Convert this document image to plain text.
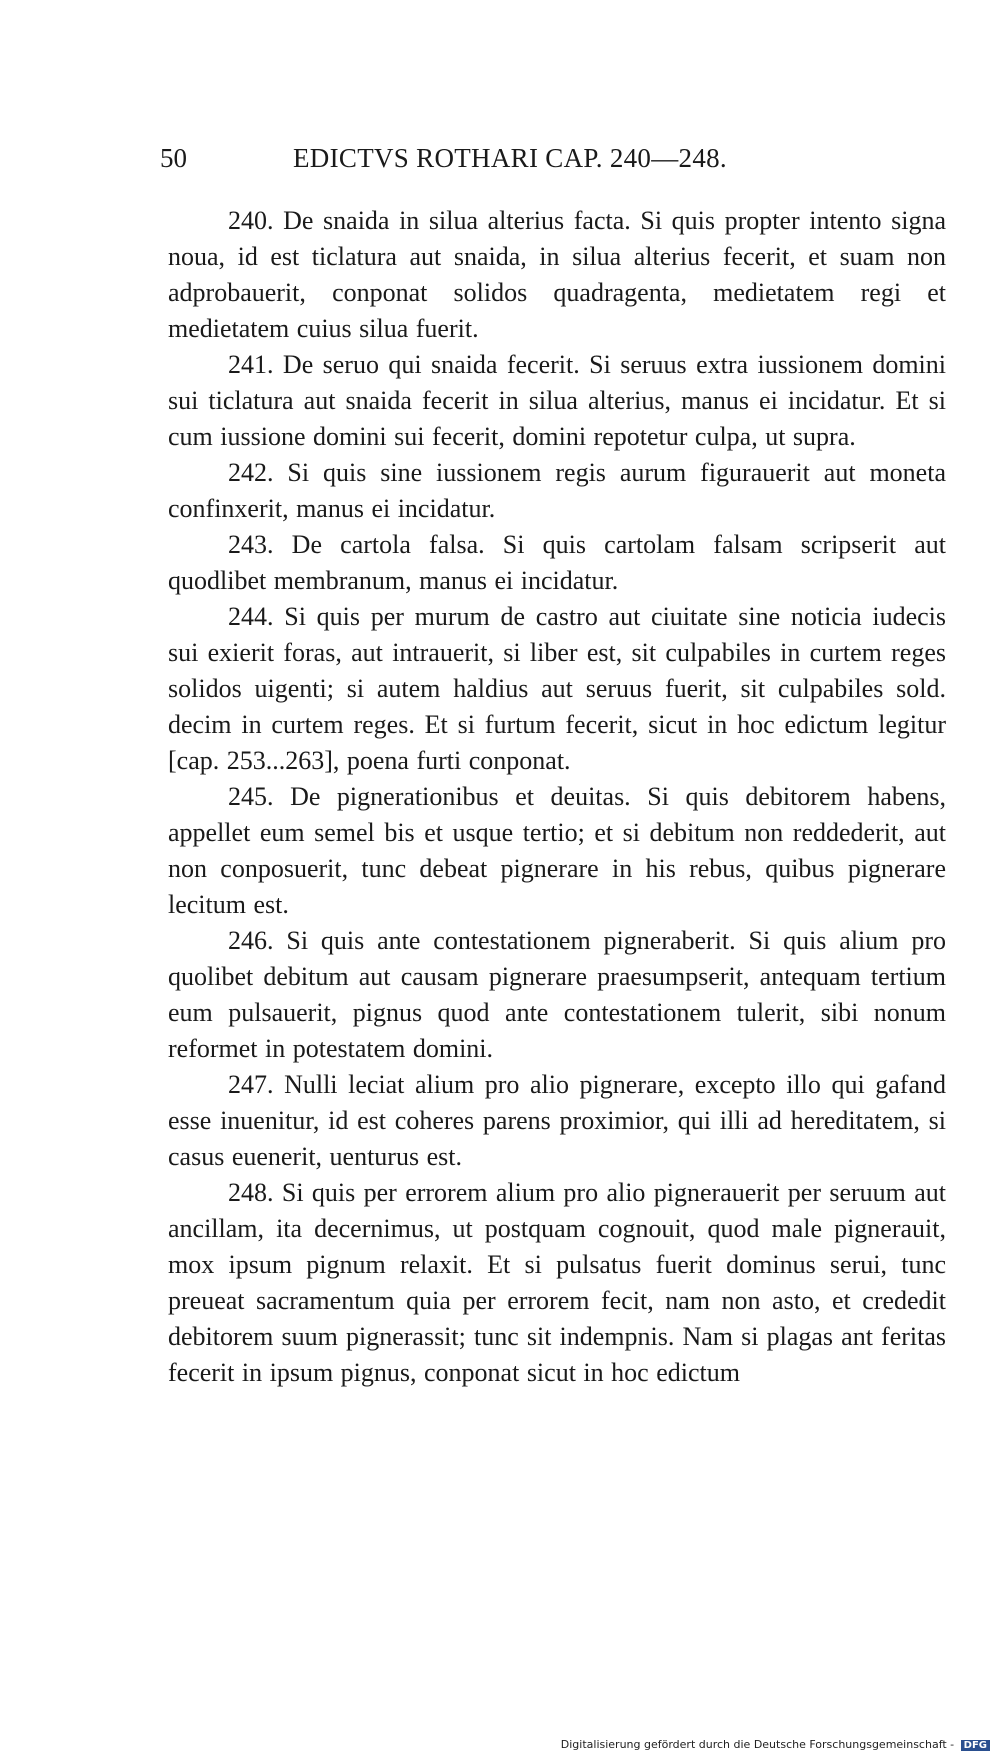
50	EDICTVS ROTHARI CAP. 240—248.

240. De snaida in silua alterius facta. Si quis propter intento signa noua, id est ticlatura aut snaida, in silua alterius fecerit, et suam non adprobauerit, conponat solidos quadragenta, medietatem regi et medietatem cuius silua fuerit.

241. De seruo qui snaida fecerit. Si seruus extra iussionem domini sui ticlatura aut snaida fecerit in silua alterius, manus ei incidatur. Et si cum iussione domini sui fecerit, domini repotetur culpa, ut supra.

242. Si quis sine iussionem regis aurum figurauerit aut moneta confinxerit, manus ei incidatur.

243. De cartola falsa. Si quis cartolam falsam scripserit aut quodlibet membranum, manus ei incidatur.

244. Si quis per murum de castro aut ciuitate sine noticia iudecis sui exierit foras, aut intrauerit, si liber est, sit culpabiles in curtem reges solidos uigenti; si autem haldius aut seruus fuerit, sit culpabiles sold. decim in curtem reges. Et si furtum fecerit, sicut in hoc edictum legitur [cap. 253...263], poena furti conponat.

245. De pignerationibus et deuitas. Si quis debitorem habens, appellet eum semel bis et usque tertio; et si debitum non reddederit, aut non conposuerit, tunc debeat pignerare in his rebus, quibus pignerare lecitum est.

246. Si quis ante contestationem pigneraberit. Si quis alium pro quolibet debitum aut causam pignerare praesumpserit, antequam tertium eum pulsauerit, pignus quod ante contestationem tulerit, sibi nonum reformet in potestatem domini.

247. Nulli leciat alium pro alio pignerare, excepto illo qui gafand esse inuenitur, id est coheres parens proximior, qui illi ad hereditatem, si casus euenerit, uenturus est.

248. Si quis per errorem alium pro alio pignerauerit per seruum aut ancillam, ita decernimus, ut postquam cognouit, quod male pignerauit, mox ipsum pignum relaxit. Et si pulsatus fuerit dominus serui, tunc preueat sacramentum quia per errorem fecit, nam non asto, et crededit debitorem suum pignerassit; tunc sit indempnis. Nam si plagas ant feritas fecerit in ipsum pignus, conponat sicut in hoc edictum

Digitalisierung gefördert durch die Deutsche Forschungsgemeinschaft - DFG
